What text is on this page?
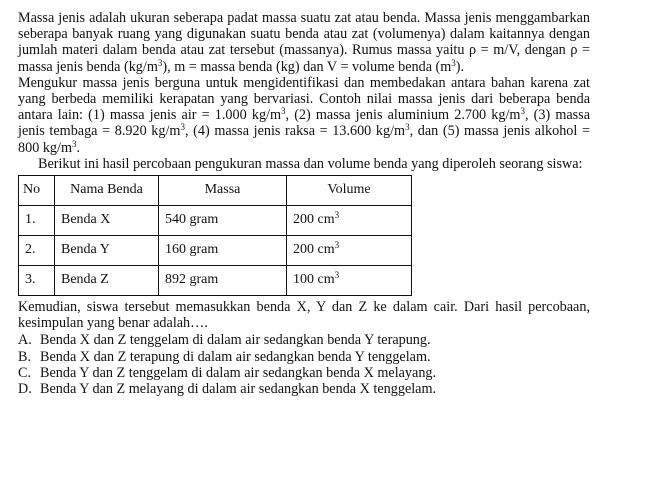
Massa jenis adalah ukuran seberapa padat massa suatu zat atau benda. Massa jenis menggambarkan seberapa banyak ruang yang digunakan suatu benda atau zat (volumenya) dalam kaitannya dengan jumlah materi dalam benda atau zat tersebut (massanya). Rumus massa yaitu ρ = m/V, dengan ρ = massa jenis benda $(kg/m^3)$, m = massa benda (kg) dan V = volume benda $(m^3)$.

Mengukur massa jenis berguna untuk mengidentifikasi dan membedakan antara bahan karena zat yang berbeda memiliki kerapatan yang bervariasi. Contoh nilai massa jenis dari beberapa benda antara lain: (1) massa jenis air = 1.000 $kg/m^3$, (2) massa jenis aluminium 2.700 $kg/m^3$, (3) massa jenis tembaga = 8.920 $kg/m^3$, (4) massa jenis raksa = 13.600 $kg/m^3$, dan (5) massa jenis alkohol = 800 $kg/m^3$.

Berikut ini hasil percobaan pengukuran massa dan volume benda yang diperoleh seorang siswa:

No	Nama Benda	Massa	Volume
1.	Benda X	540 gram	200 $cm^3$
2.	Benda Y	160 gram	200 $cm^3$
3.	Benda Z	892 gram	100 $cm^3$

Kemudian, siswa tersebut memasukkan benda X, Y dan Z ke dalam cair. Dari hasil percobaan, kesimpulan yang benar adalah….

A. Benda X dan Z tenggelam di dalam air sedangkan benda Y terapung.
B. Benda X dan Z terapung di dalam air sedangkan benda Y tenggelam.
C. Benda Y dan Z tenggelam di dalam air sedangkan benda X melayang.
D. Benda Y dan Z melayang di dalam air sedangkan benda X tenggelam.
